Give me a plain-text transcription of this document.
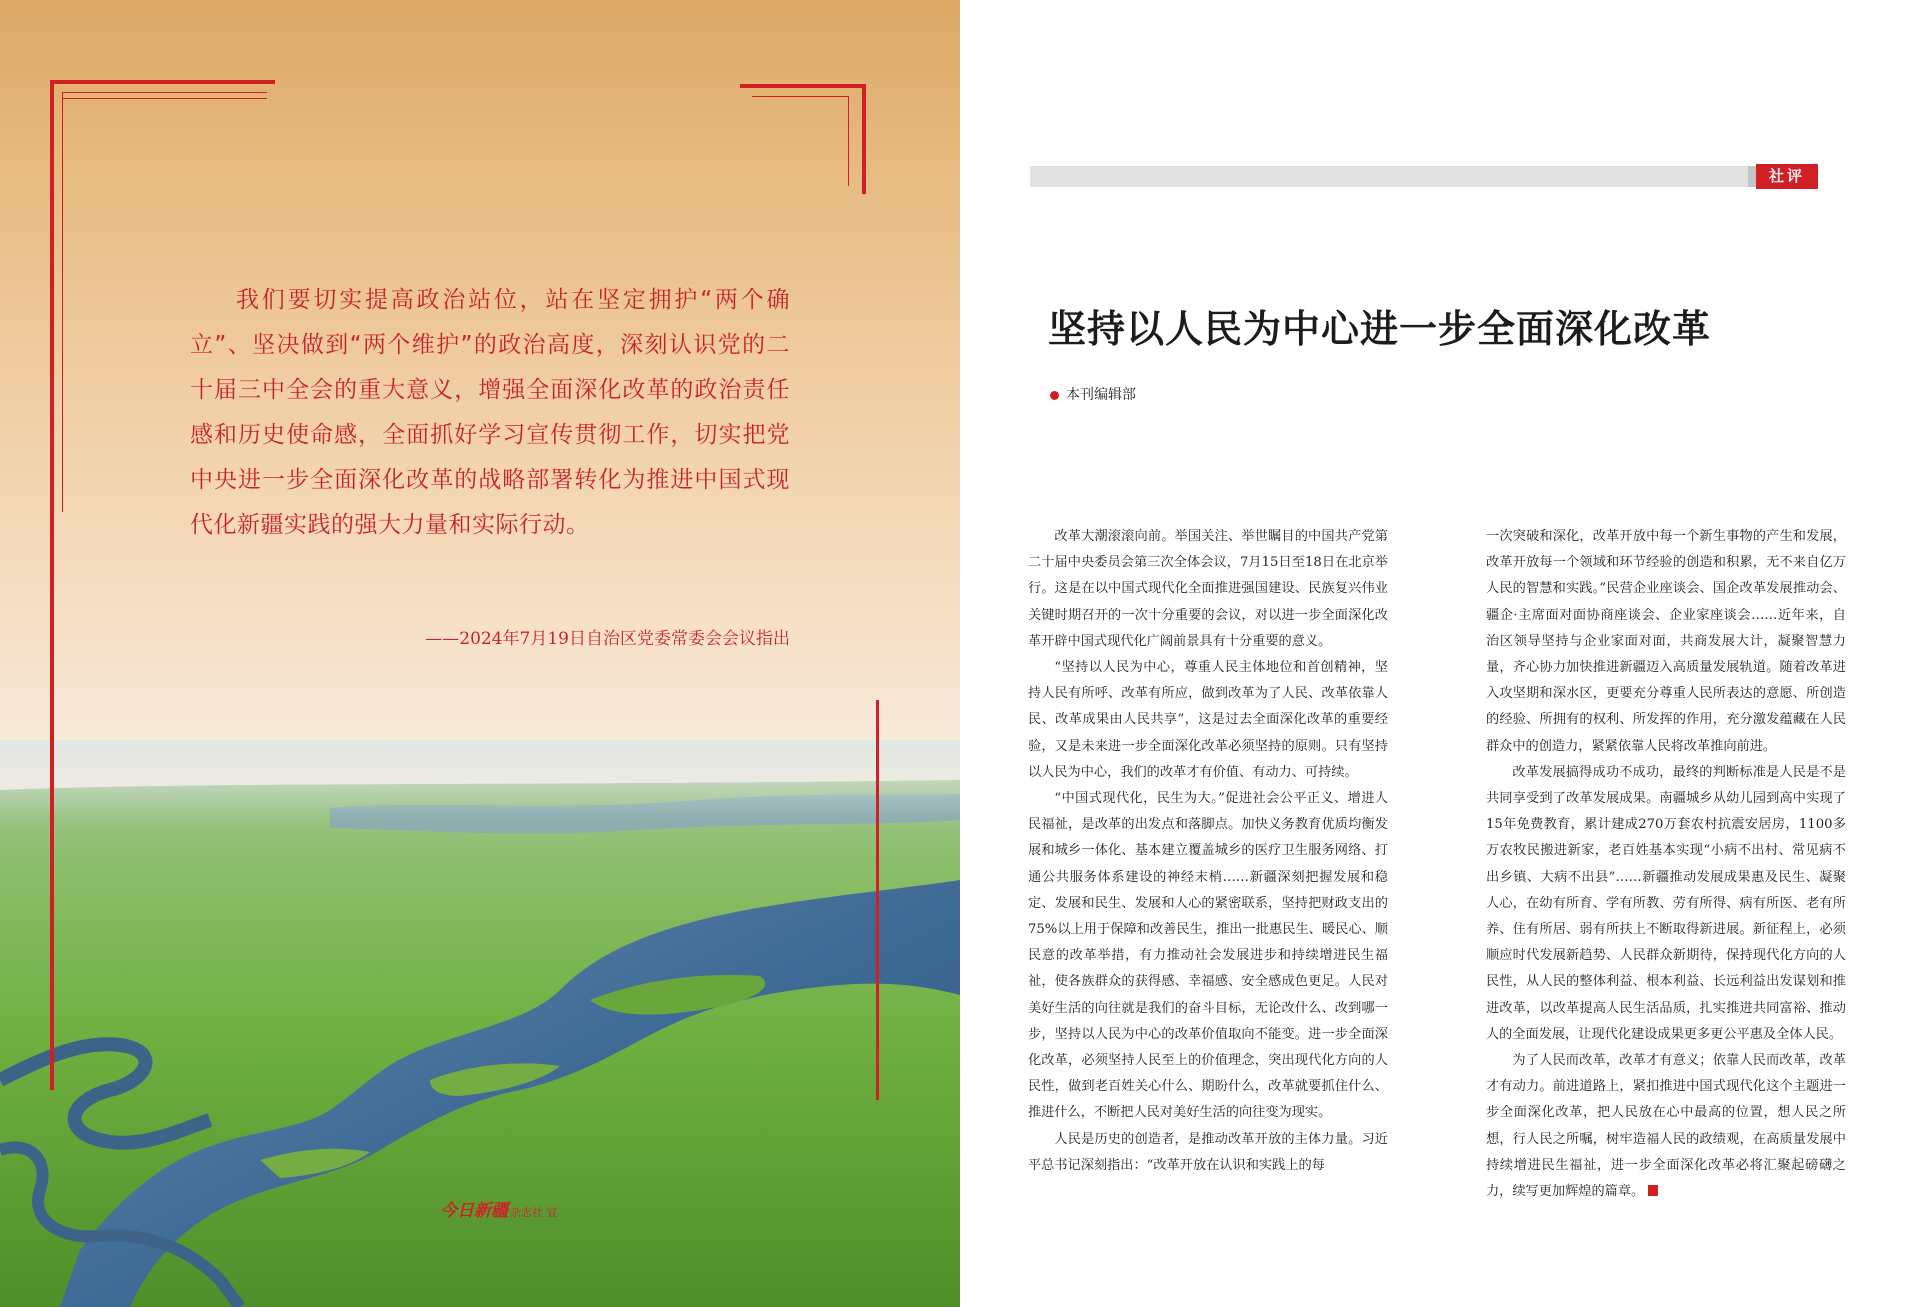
我们要切实提高政治站位，站在坚定拥护“两个确立”、坚决做到“两个维护”的政治高度，深刻认识党的二十届三中全会的重大意义，增强全面深化改革的政治责任感和历史使命感，全面抓好学习宣传贯彻工作，切实把党中央进一步全面深化改革的战略部署转化为推进中国式现代化新疆实践的强大力量和实际行动。

——2024年7月19日自治区党委常委会会议指出

今日新疆 杂志社 宣
社评
坚持以人民为中心进一步全面深化改革
本刊编辑部

改革大潮滚滚向前。举国关注、举世瞩目的中国共产党第二十届中央委员会第三次全体会议，7月15日至18日在北京举行。这是在以中国式现代化全面推进强国建设、民族复兴伟业关键时期召开的一次十分重要的会议，对以进一步全面深化改革开辟中国式现代化广阔前景具有十分重要的意义。

“坚持以人民为中心，尊重人民主体地位和首创精神，坚持人民有所呼、改革有所应，做到改革为了人民、改革依靠人民、改革成果由人民共享”，这是过去全面深化改革的重要经验，又是未来进一步全面深化改革必须坚持的原则。只有坚持以人民为中心，我们的改革才有价值、有动力、可持续。

“中国式现代化，民生为大。”促进社会公平正义、增进人民福祉，是改革的出发点和落脚点。加快义务教育优质均衡发展和城乡一体化、基本建立覆盖城乡的医疗卫生服务网络、打通公共服务体系建设的神经末梢……新疆深刻把握发展和稳定、发展和民生、发展和人心的紧密联系，坚持把财政支出的75%以上用于保障和改善民生，推出一批惠民生、暖民心、顺民意的改革举措，有力推动社会发展进步和持续增进民生福祉，使各族群众的获得感、幸福感、安全感成色更足。人民对美好生活的向往就是我们的奋斗目标，无论改什么、改到哪一步，坚持以人民为中心的改革价值取向不能变。进一步全面深化改革，必须坚持人民至上的价值理念，突出现代化方向的人民性，做到老百姓关心什么、期盼什么，改革就要抓住什么、推进什么，不断把人民对美好生活的向往变为现实。

人民是历史的创造者，是推动改革开放的主体力量。习近平总书记深刻指出：“改革开放在认识和实践上的每

一次突破和深化，改革开放中每一个新生事物的产生和发展，改革开放每一个领域和环节经验的创造和积累，无不来自亿万人民的智慧和实践。”民营企业座谈会、国企改革发展推动会、疆企·主席面对面协商座谈会、企业家座谈会……近年来，自治区领导坚持与企业家面对面，共商发展大计，凝聚智慧力量，齐心协力加快推进新疆迈入高质量发展轨道。随着改革进入攻坚期和深水区，更要充分尊重人民所表达的意愿、所创造的经验、所拥有的权利、所发挥的作用，充分激发蕴藏在人民群众中的创造力，紧紧依靠人民将改革推向前进。

改革发展搞得成功不成功，最终的判断标准是人民是不是共同享受到了改革发展成果。南疆城乡从幼儿园到高中实现了15年免费教育，累计建成270万套农村抗震安居房，1100多万农牧民搬进新家，老百姓基本实现“小病不出村、常见病不出乡镇、大病不出县”……新疆推动发展成果惠及民生、凝聚人心，在幼有所育、学有所教、劳有所得、病有所医、老有所养、住有所居、弱有所扶上不断取得新进展。新征程上，必须顺应时代发展新趋势、人民群众新期待，保持现代化方向的人民性，从人民的整体利益、根本利益、长远利益出发谋划和推进改革，以改革提高人民生活品质，扎实推进共同富裕、推动人的全面发展，让现代化建设成果更多更公平惠及全体人民。

为了人民而改革，改革才有意义；依靠人民而改革，改革才有动力。前进道路上，紧扣推进中国式现代化这个主题进一步全面深化改革，把人民放在心中最高的位置，想人民之所想，行人民之所嘱，树牢造福人民的政绩观，在高质量发展中持续增进民生福祉，进一步全面深化改革必将汇聚起磅礴之力，续写更加辉煌的篇章。
